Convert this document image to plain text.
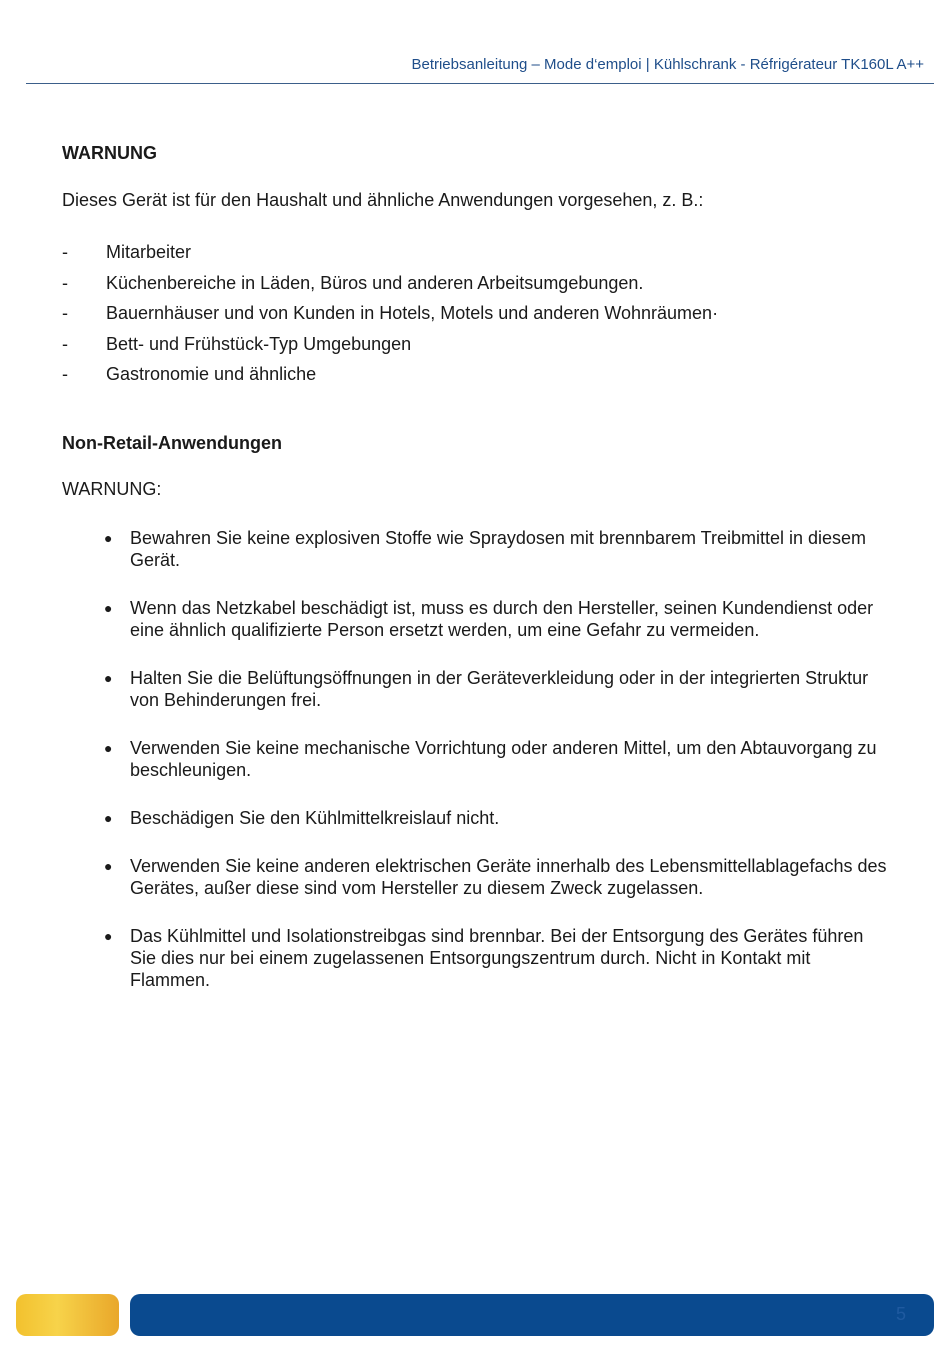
Betriebsanleitung – Mode d‘emploi | Kühlschrank - Réfrigérateur TK160L A++

WARNUNG

Dieses Gerät ist für den Haushalt und ähnliche Anwendungen vorgesehen, z. B.:

- Mitarbeiter
- Küchenbereiche in Läden, Büros und anderen Arbeitsumgebungen.
- Bauernhäuser und von Kunden in Hotels, Motels und anderen Wohnräumen·
- Bett- und Frühstück-Typ Umgebungen
- Gastronomie und ähnliche

Non-Retail-Anwendungen

WARNUNG:

● Bewahren Sie keine explosiven Stoffe wie Spraydosen mit brennbarem Treibmittel in diesem Gerät.
● Wenn das Netzkabel beschädigt ist, muss es durch den Hersteller, seinen Kundendienst oder eine ähnlich qualifizierte Person ersetzt werden, um eine Gefahr zu vermeiden.
● Halten Sie die Belüftungsöffnungen in der Geräteverkleidung oder in der integrierten Struktur von Behinderungen frei.
● Verwenden Sie keine mechanische Vorrichtung oder anderen Mittel, um den Abtauvorgang zu beschleunigen.
● Beschädigen Sie den Kühlmittelkreislauf nicht.
● Verwenden Sie keine anderen elektrischen Geräte innerhalb des Lebensmittellablagefachs des Gerätes, außer diese sind vom Hersteller zu diesem Zweck zugelassen.
● Das Kühlmittel und Isolationstreibgas sind brennbar. Bei der Entsorgung des Gerätes führen Sie dies nur bei einem zugelassenen Entsorgungszentrum durch. Nicht in Kontakt mit Flammen.
5
